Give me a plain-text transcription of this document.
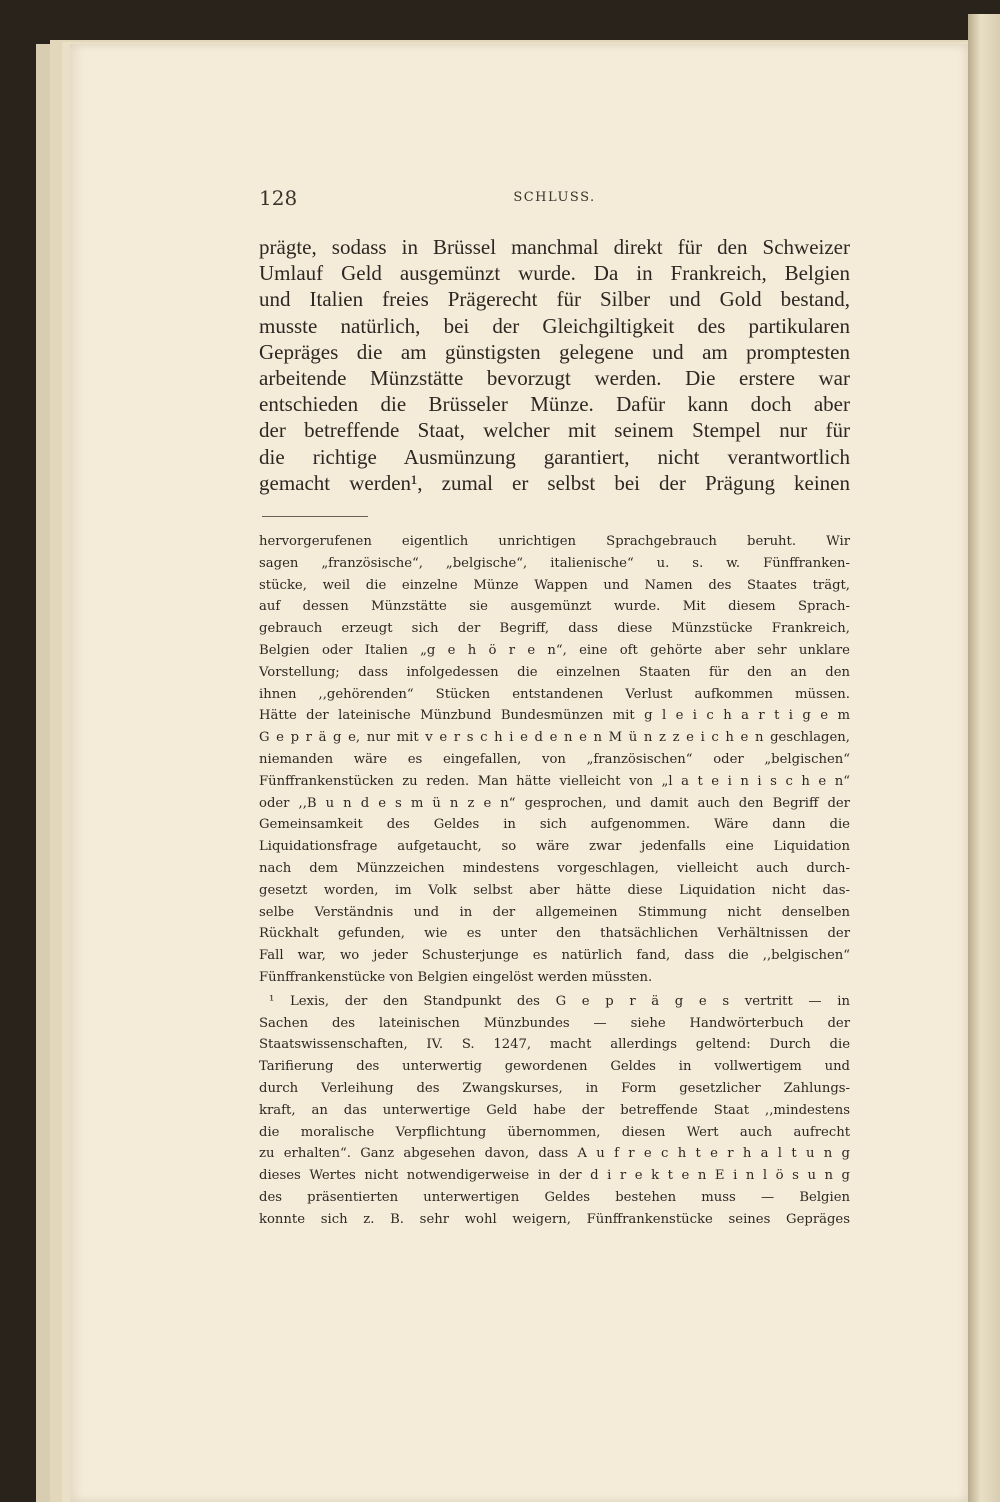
128	SCHLUSS.
prägte, sodass in Brüssel manchmal direkt für den Schweizer
Umlauf Geld ausgemünzt wurde. Da in Frankreich, Belgien
und Italien freies Prägerecht für Silber und Gold bestand,
musste natürlich, bei der Gleichgiltigkeit des partikularen
Gepräges die am günstigsten gelegene und am promptesten
arbeitende Münzstätte bevorzugt werden. Die erstere war
entschieden die Brüsseler Münze. Dafür kann doch aber
der betreffende Staat, welcher mit seinem Stempel nur für
die richtige Ausmünzung garantiert, nicht verantwortlich
gemacht werden¹, zumal er selbst bei der Prägung keinen
hervorgerufenen eigentlich unrichtigen Sprachgebrauch beruht. Wir
sagen „französische“, „belgische“, italienische“ u. s. w. Fünffranken-
stücke, weil die einzelne Münze Wappen und Namen des Staates trägt,
auf dessen Münzstätte sie ausgemünzt wurde. Mit diesem Sprach-
gebrauch erzeugt sich der Begriff, dass diese Münzstücke Frankreich,
Belgien oder Italien „g e h ö r e n“, eine oft gehörte aber sehr unklare
Vorstellung; dass infolgedessen die einzelnen Staaten für den an den
ihnen ,,gehörenden“ Stücken entstandenen Verlust aufkommen müssen.
Hätte der lateinische Münzbund Bundesmünzen mit g l e i c h a r t i g e m
G e p r ä g e, nur mit v e r s c h i e d e n e n M ü n z z e i c h e n geschlagen,
niemanden wäre es eingefallen, von „französischen“ oder „belgischen“
Fünffrankenstücken zu reden. Man hätte vielleicht von „l a t e i n i s c h e n“
oder ,,B u n d e s m ü n z e n“ gesprochen, und damit auch den Begriff der
Gemeinsamkeit des Geldes in sich aufgenommen. Wäre dann die
Liquidationsfrage aufgetaucht, so wäre zwar jedenfalls eine Liquidation
nach dem Münzzeichen mindestens vorgeschlagen, vielleicht auch durch-
gesetzt worden, im Volk selbst aber hätte diese Liquidation nicht das-
selbe Verständnis und in der allgemeinen Stimmung nicht denselben
Rückhalt gefunden, wie es unter den thatsächlichen Verhältnissen der
Fall war, wo jeder Schusterjunge es natürlich fand, dass die ,,belgischen“
Fünffrankenstücke von Belgien eingelöst werden müssten.
¹ Lexis, der den Standpunkt des G e p r ä g e s vertritt — in
Sachen des lateinischen Münzbundes — siehe Handwörterbuch der
Staatswissenschaften, IV. S. 1247, macht allerdings geltend: Durch die
Tarifierung des unterwertig gewordenen Geldes in vollwertigem und
durch Verleihung des Zwangskurses, in Form gesetzlicher Zahlungs-
kraft, an das unterwertige Geld habe der betreffende Staat ,,mindestens
die moralische Verpflichtung übernommen, diesen Wert auch aufrecht
zu erhalten“. Ganz abgesehen davon, dass A u f r e c h t e r h a l t u n g
dieses Wertes nicht notwendigerweise in der d i r e k t e n E i n l ö s u n g
des präsentierten unterwertigen Geldes bestehen muss — Belgien
konnte sich z. B. sehr wohl weigern, Fünffrankenstücke seines Gepräges
